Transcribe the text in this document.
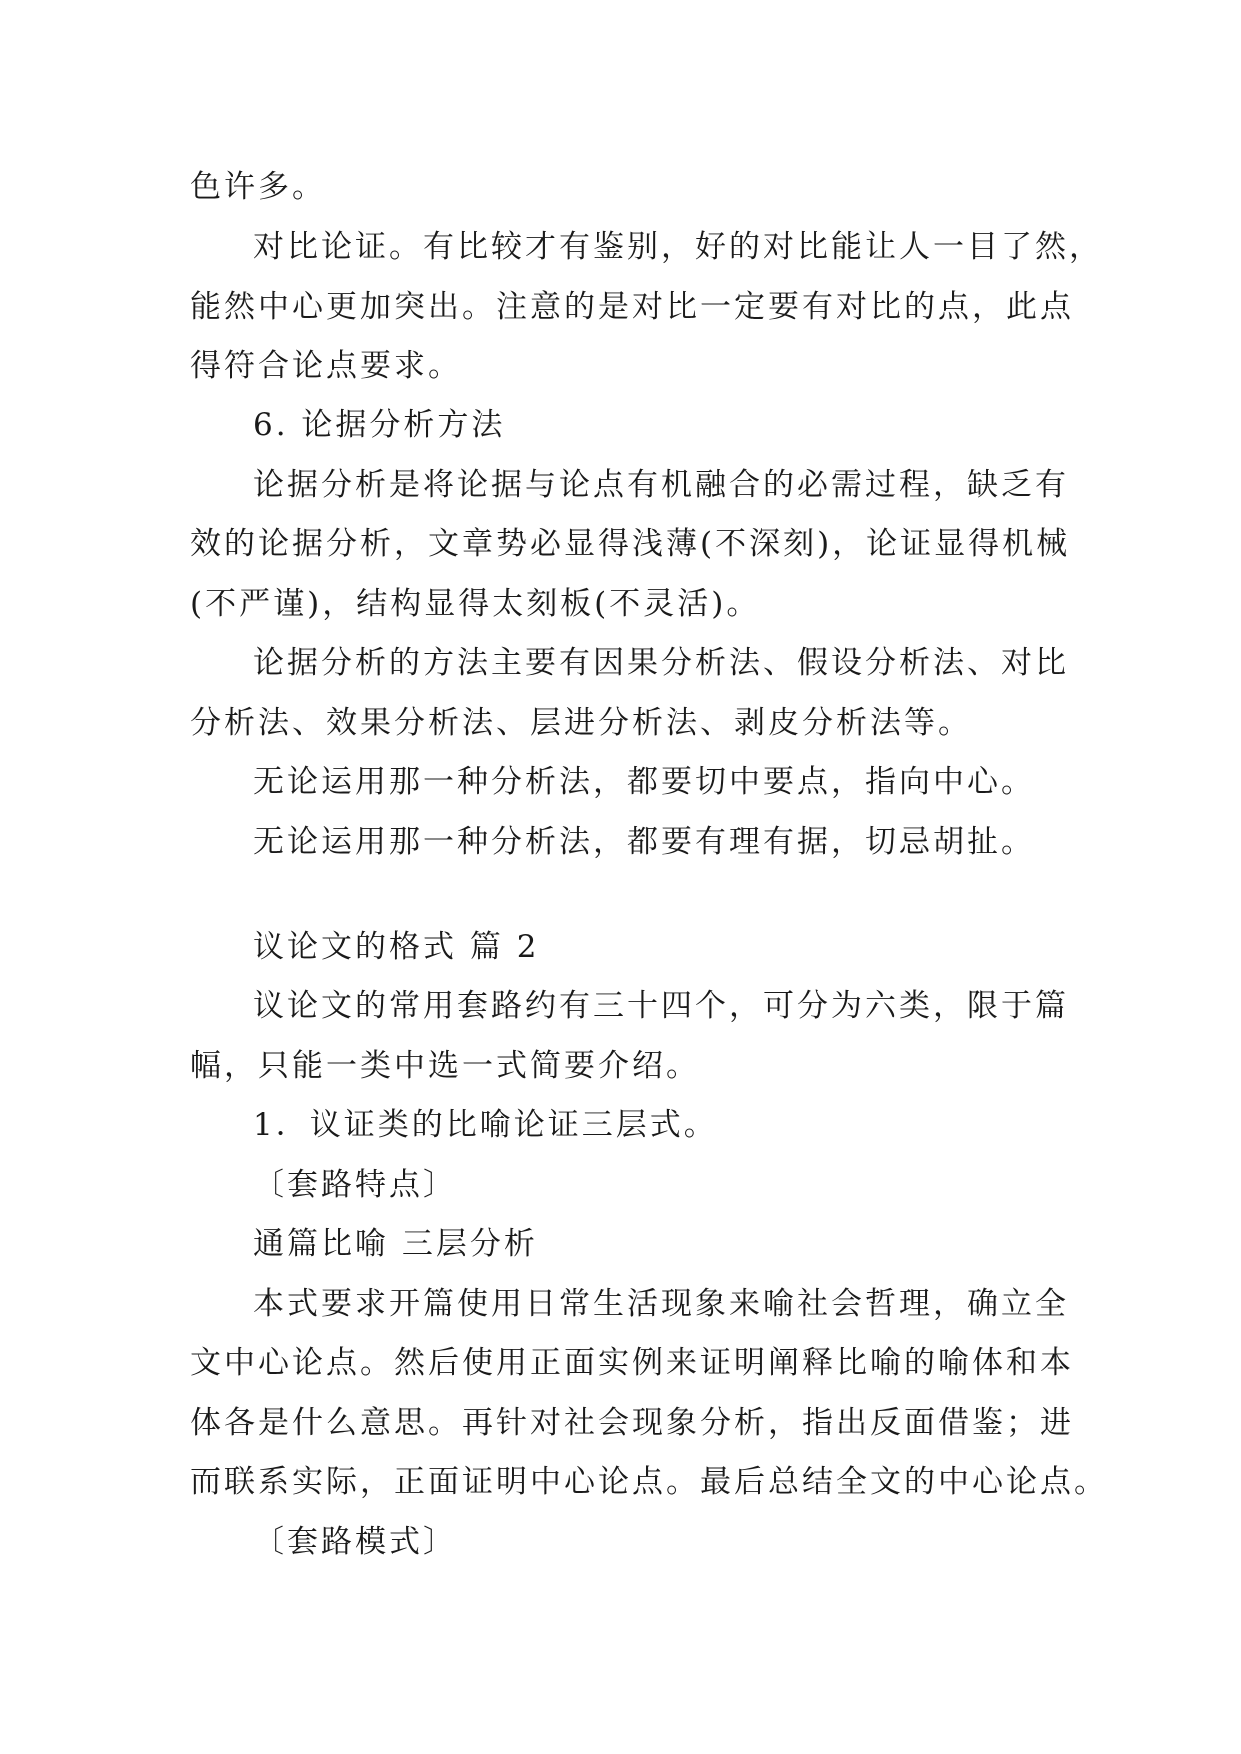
色许多。
对比论证。有比较才有鉴别，好的对比能让人一目了然，
能然中心更加突出。注意的是对比一定要有对比的点，此点
得符合论点要求。
6. 论据分析方法
论据分析是将论据与论点有机融合的必需过程，缺乏有
效的论据分析，文章势必显得浅薄(不深刻)，论证显得机械
(不严谨)，结构显得太刻板(不灵活)。
论据分析的方法主要有因果分析法、假设分析法、对比
分析法、效果分析法、层进分析法、剥皮分析法等。
无论运用那一种分析法，都要切中要点，指向中心。
无论运用那一种分析法，都要有理有据，切忌胡扯。
议论文的格式 篇 2
议论文的常用套路约有三十四个，可分为六类，限于篇
幅，只能一类中选一式简要介绍。
1．议证类的比喻论证三层式。
〔套路特点〕
通篇比喻 三层分析
本式要求开篇使用日常生活现象来喻社会哲理，确立全
文中心论点。然后使用正面实例来证明阐释比喻的喻体和本
体各是什么意思。再针对社会现象分析，指出反面借鉴；进
而联系实际，正面证明中心论点。最后总结全文的中心论点。
〔套路模式〕
